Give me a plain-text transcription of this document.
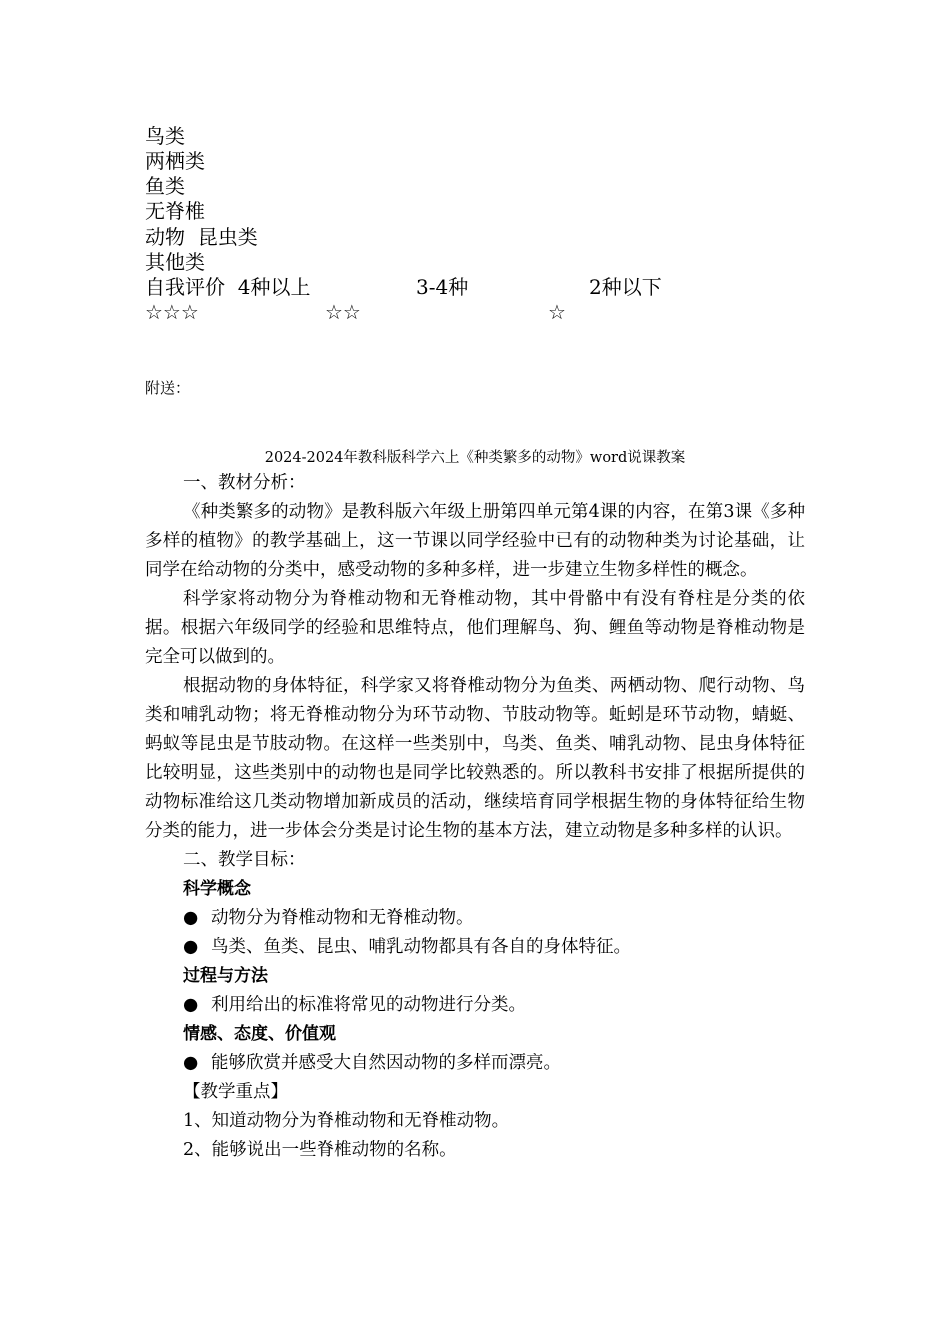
鸟类
两栖类
鱼类
无脊椎
动物  昆虫类
其他类
自我评价  4种以上	3-4种	2种以下
☆☆☆	☆☆	☆
附送：
2024-2024年教科版科学六上《种类繁多的动物》word说课教案

一、教材分析：

《种类繁多的动物》是教科版六年级上册第四单元第4课的内容，在第3课《多种多样的植物》的教学基础上，这一节课以同学经验中已有的动物种类为讨论基础，让同学在给动物的分类中，感受动物的多种多样，进一步建立生物多样性的概念。

科学家将动物分为脊椎动物和无脊椎动物，其中骨骼中有没有脊柱是分类的依据。根据六年级同学的经验和思维特点，他们理解鸟、狗、鲤鱼等动物是脊椎动物是完全可以做到的。

根据动物的身体特征，科学家又将脊椎动物分为鱼类、两栖动物、爬行动物、鸟类和哺乳动物；将无脊椎动物分为环节动物、节肢动物等。蚯蚓是环节动物，蜻蜓、蚂蚁等昆虫是节肢动物。在这样一些类别中，鸟类、鱼类、哺乳动物、昆虫身体特征比较明显，这些类别中的动物也是同学比较熟悉的。所以教科书安排了根据所提供的动物标准给这几类动物增加新成员的活动，继续培育同学根据生物的身体特征给生物分类的能力，进一步体会分类是讨论生物的基本方法，建立动物是多种多样的认识。

二、教学目标：

科学概念

● 动物分为脊椎动物和无脊椎动物。

● 鸟类、鱼类、昆虫、哺乳动物都具有各自的身体特征。

过程与方法

● 利用给出的标准将常见的动物进行分类。

情感、态度、价值观

● 能够欣赏并感受大自然因动物的多样而漂亮。

【教学重点】

1、知道动物分为脊椎动物和无脊椎动物。

2、能够说出一些脊椎动物的名称。
